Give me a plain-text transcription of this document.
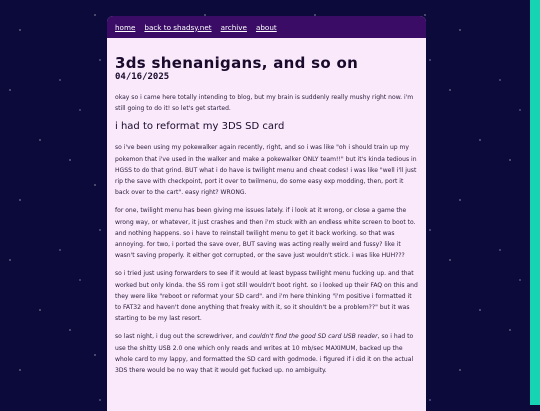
home back to shadsy.net archive about
3ds shenanigans, and so on
04/16/2025

okay so i came here totally intending to blog, but my brain is suddenly really mushy right now. i'm still going to do it! so let's get started.

i had to reformat my 3DS SD card

so i've been using my pokewalker again recently, right, and so i was like "oh i should train up my pokemon that i've used in the walker and make a pokewalker ONLY team!!" but it's kinda tedious in HGSS to do that grind. BUT what i do have is twilight menu and cheat codes! i was like "well i'll just rip the save with checkpoint, port it over to twilmenu, do some easy exp modding, then, port it back over to the cart". easy right? WRONG.

for one, twilight menu has been giving me issues lately. if i look at it wrong, or close a game the wrong way, or whatever, it just crashes and then i'm stuck with an endless white screen to boot to. and nothing happens. so i have to reinstall twilight menu to get it back working. so that was annoying. for two, i ported the save over, BUT saving was acting really weird and fussy? like it wasn't saving properly. it either got corrupted, or the save just wouldn't stick. i was like HUH???

so i tried just using forwarders to see if it would at least bypass twilight menu fucking up. and that worked but only kinda. the SS rom i got still wouldn't boot right. so i looked up their FAQ on this and they were like "reboot or reformat your SD card". and i'm here thinking "i'm positive i formatted it to FAT32 and haven't done anything that freaky with it, so it shouldn't be a problem??" but it was starting to be my last resort.

so last night, i dug out the screwdriver, and couldn't find the good SD card USB reader, so i had to use the shitty USB 2.0 one which only reads and writes at 10 mb/sec MAXIMUM, backed up the whole card to my lappy, and formatted the SD card with godmode. i figured if i did it on the actual 3DS there would be no way that it would get fucked up. no ambiguity.
